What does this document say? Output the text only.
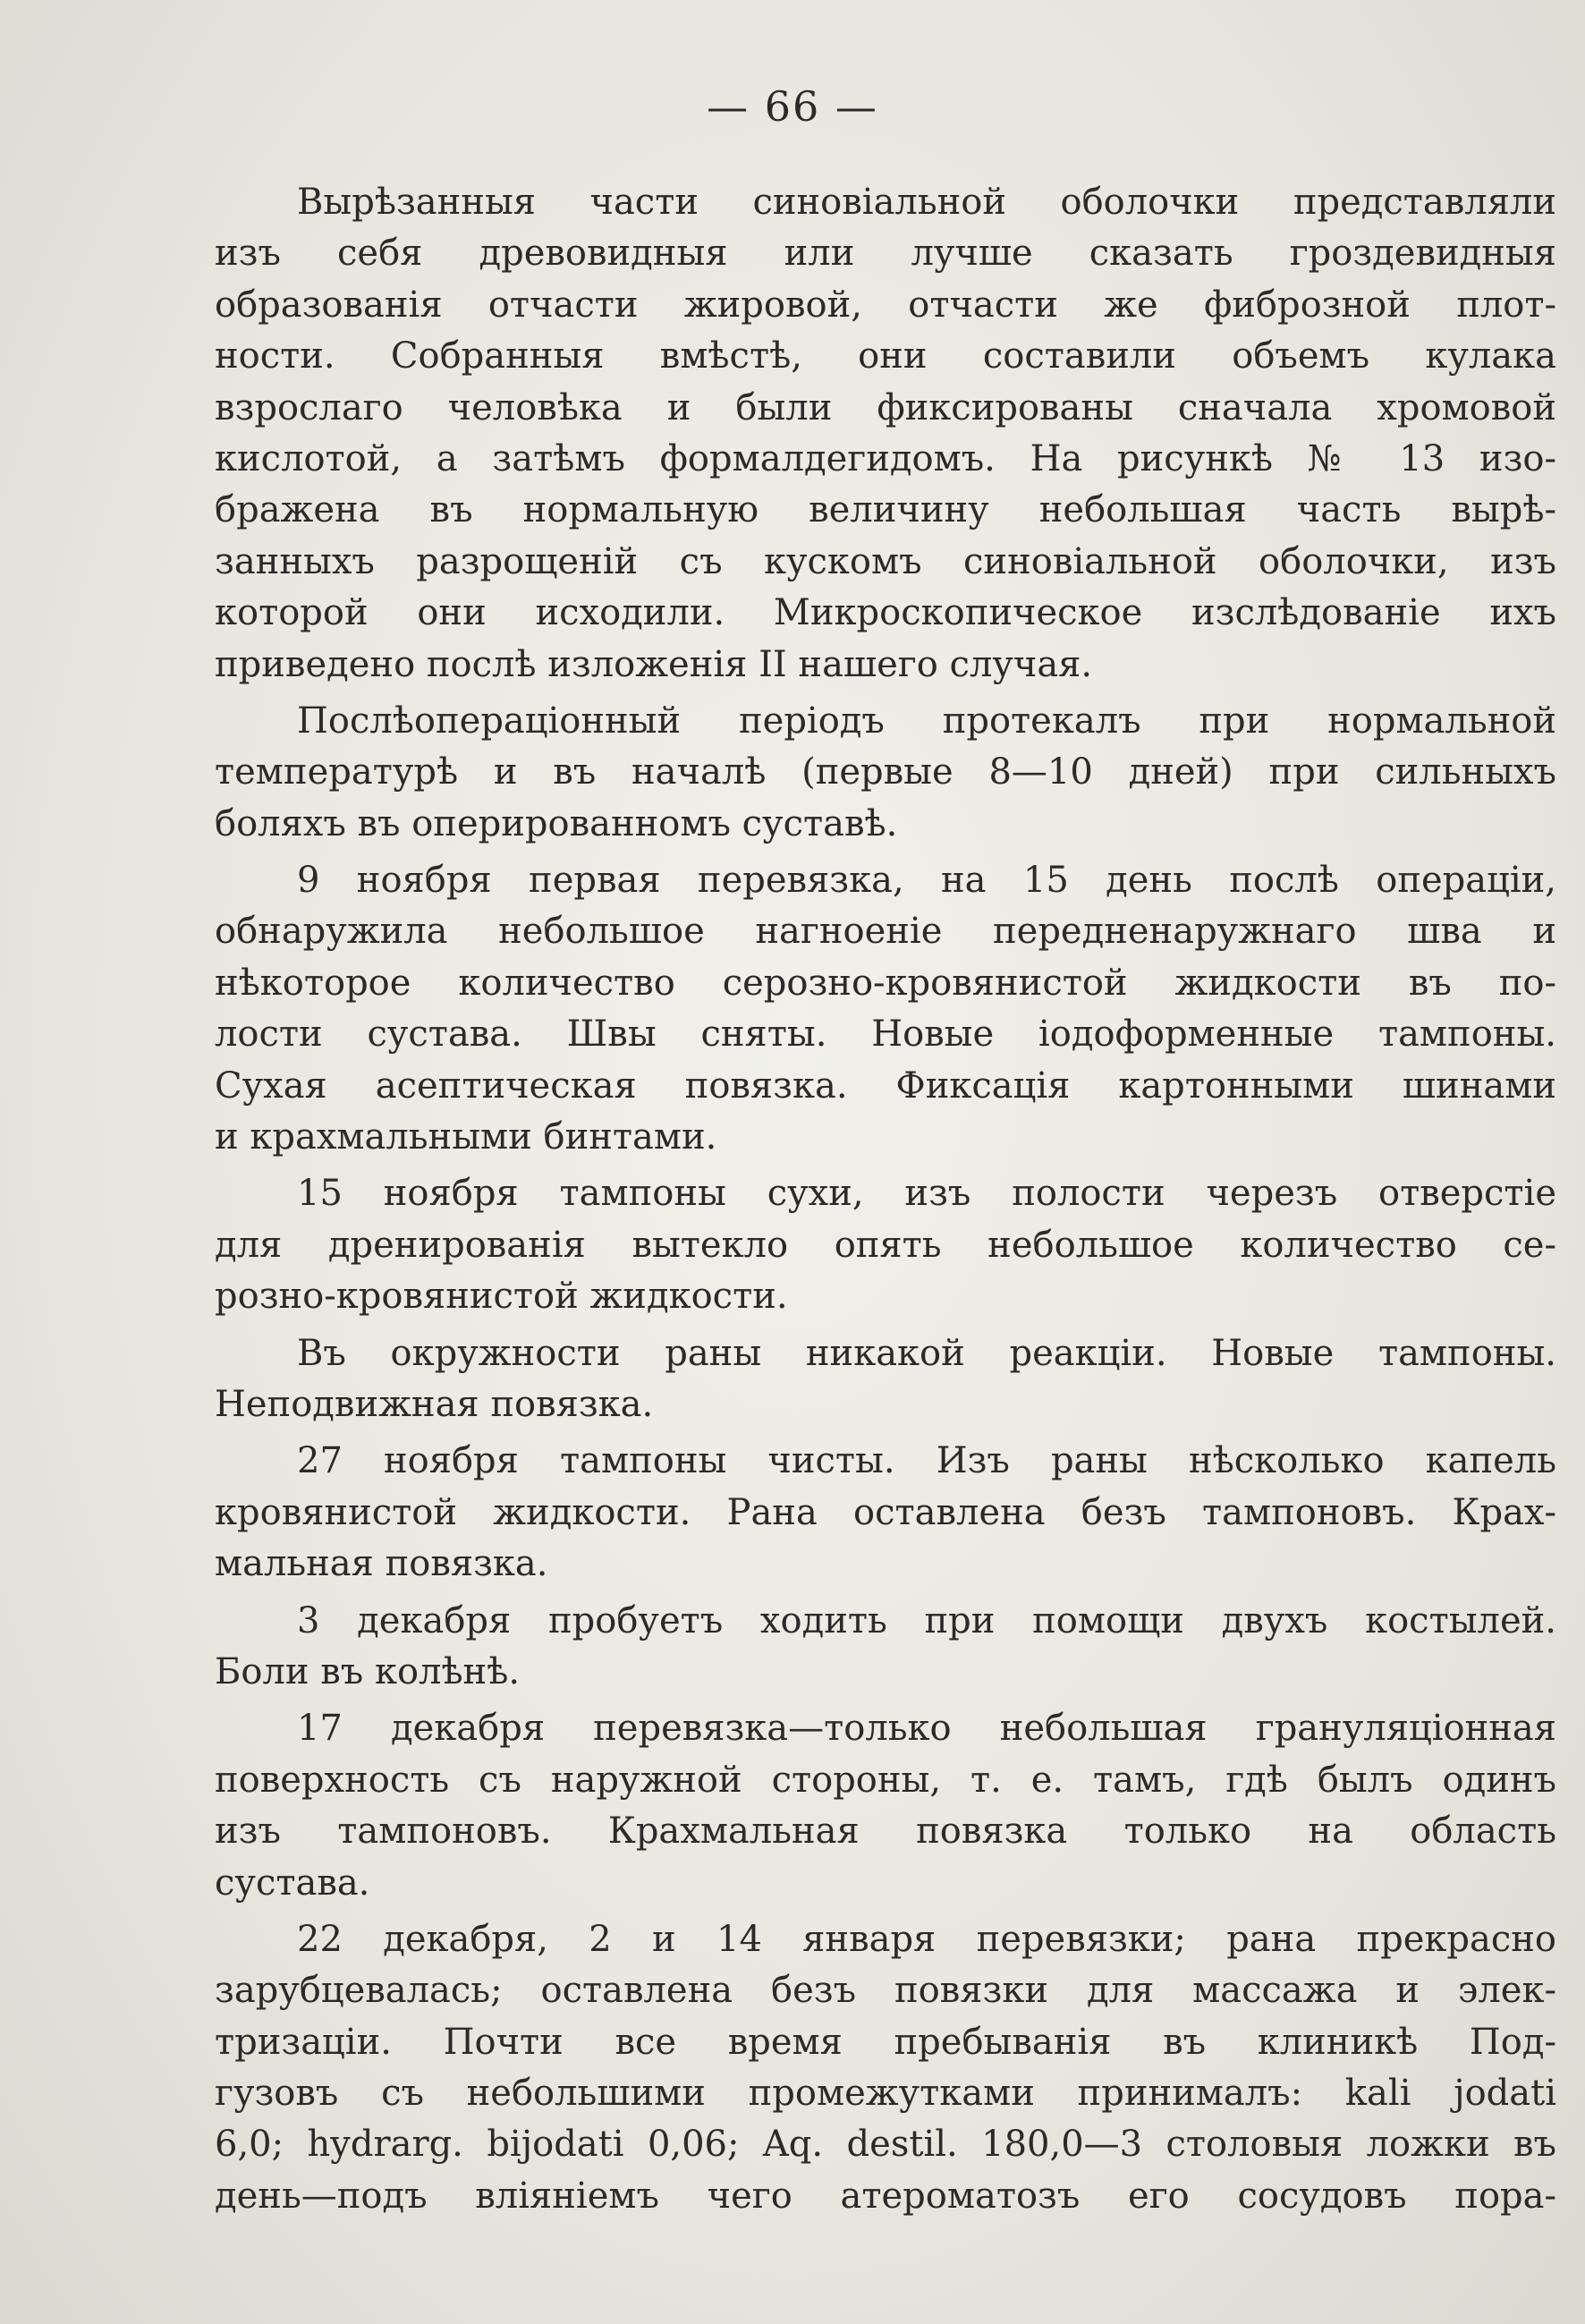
— 66 —
Вырѣзанныя части синовіальной оболочки представляли
изъ себя древовидныя или лучше сказать гроздевидныя
образованія отчасти жировой, отчасти же фиброзной плот-
ности. Собранныя вмѣстѣ, они составили объемъ кулака
взрослаго человѣка и были фиксированы сначала хромовой
кислотой, а затѣмъ формалдегидомъ. На рисункѣ № 13 изо-
бражена въ нормальную величину небольшая часть вырѣ-
занныхъ разрощеній съ кускомъ синовіальной оболочки, изъ
которой они исходили. Микроскопическое изслѣдованіе ихъ
приведено послѣ изложенія II нашего случая.
Послѣоперaціонный періодъ протекалъ при нормальной
температурѣ и въ началѣ (первые 8—10 дней) при сильныхъ
боляхъ въ оперированномъ суставѣ.
9 ноября первая перевязка, на 15 день послѣ операціи,
обнаружила небольшое нагноеніе передненаружнаго шва и
нѣкоторое количество серозно-кровянистой жидкости въ по-
лости сустава. Швы сняты. Новые іодоформенные тампоны.
Сухая асептическая повязка. Фиксація картонными шинами
и крахмальными бинтами.
15 ноября тампоны сухи, изъ полости черезъ отверстіе
для дренированія вытекло опять небольшое количество се-
розно-кровянистой жидкости.
Въ окружности раны никакой реакціи. Новые тампоны.
Неподвижная повязка.
27 ноября тампоны чисты. Изъ раны нѣсколько капель
кровянистой жидкости. Рана оставлена безъ тампоновъ. Крах-
мальная повязка.
3 декабря пробуетъ ходить при помощи двухъ костылей.
Боли въ колѣнѣ.
17 декабря перевязка—только небольшая грануляціонная
поверхность съ наружной стороны, т. е. тамъ, гдѣ былъ одинъ
изъ тампоновъ. Крахмальная повязка только на область
сустава.
22 декабря, 2 и 14 января перевязки; рана прекрасно
зарубцевалась; оставлена безъ повязки для массажа и элек-
тризаціи. Почти все время пребыванія въ клиникѣ Под-
гузовъ съ небольшими промежутками принималъ: kali jodati
6,0; hydrarg. bijodati 0,06; Aq. destil. 180,0—3 столовыя ложки въ
день—подъ вліяніемъ чего атероматозъ его сосудовъ пора-
